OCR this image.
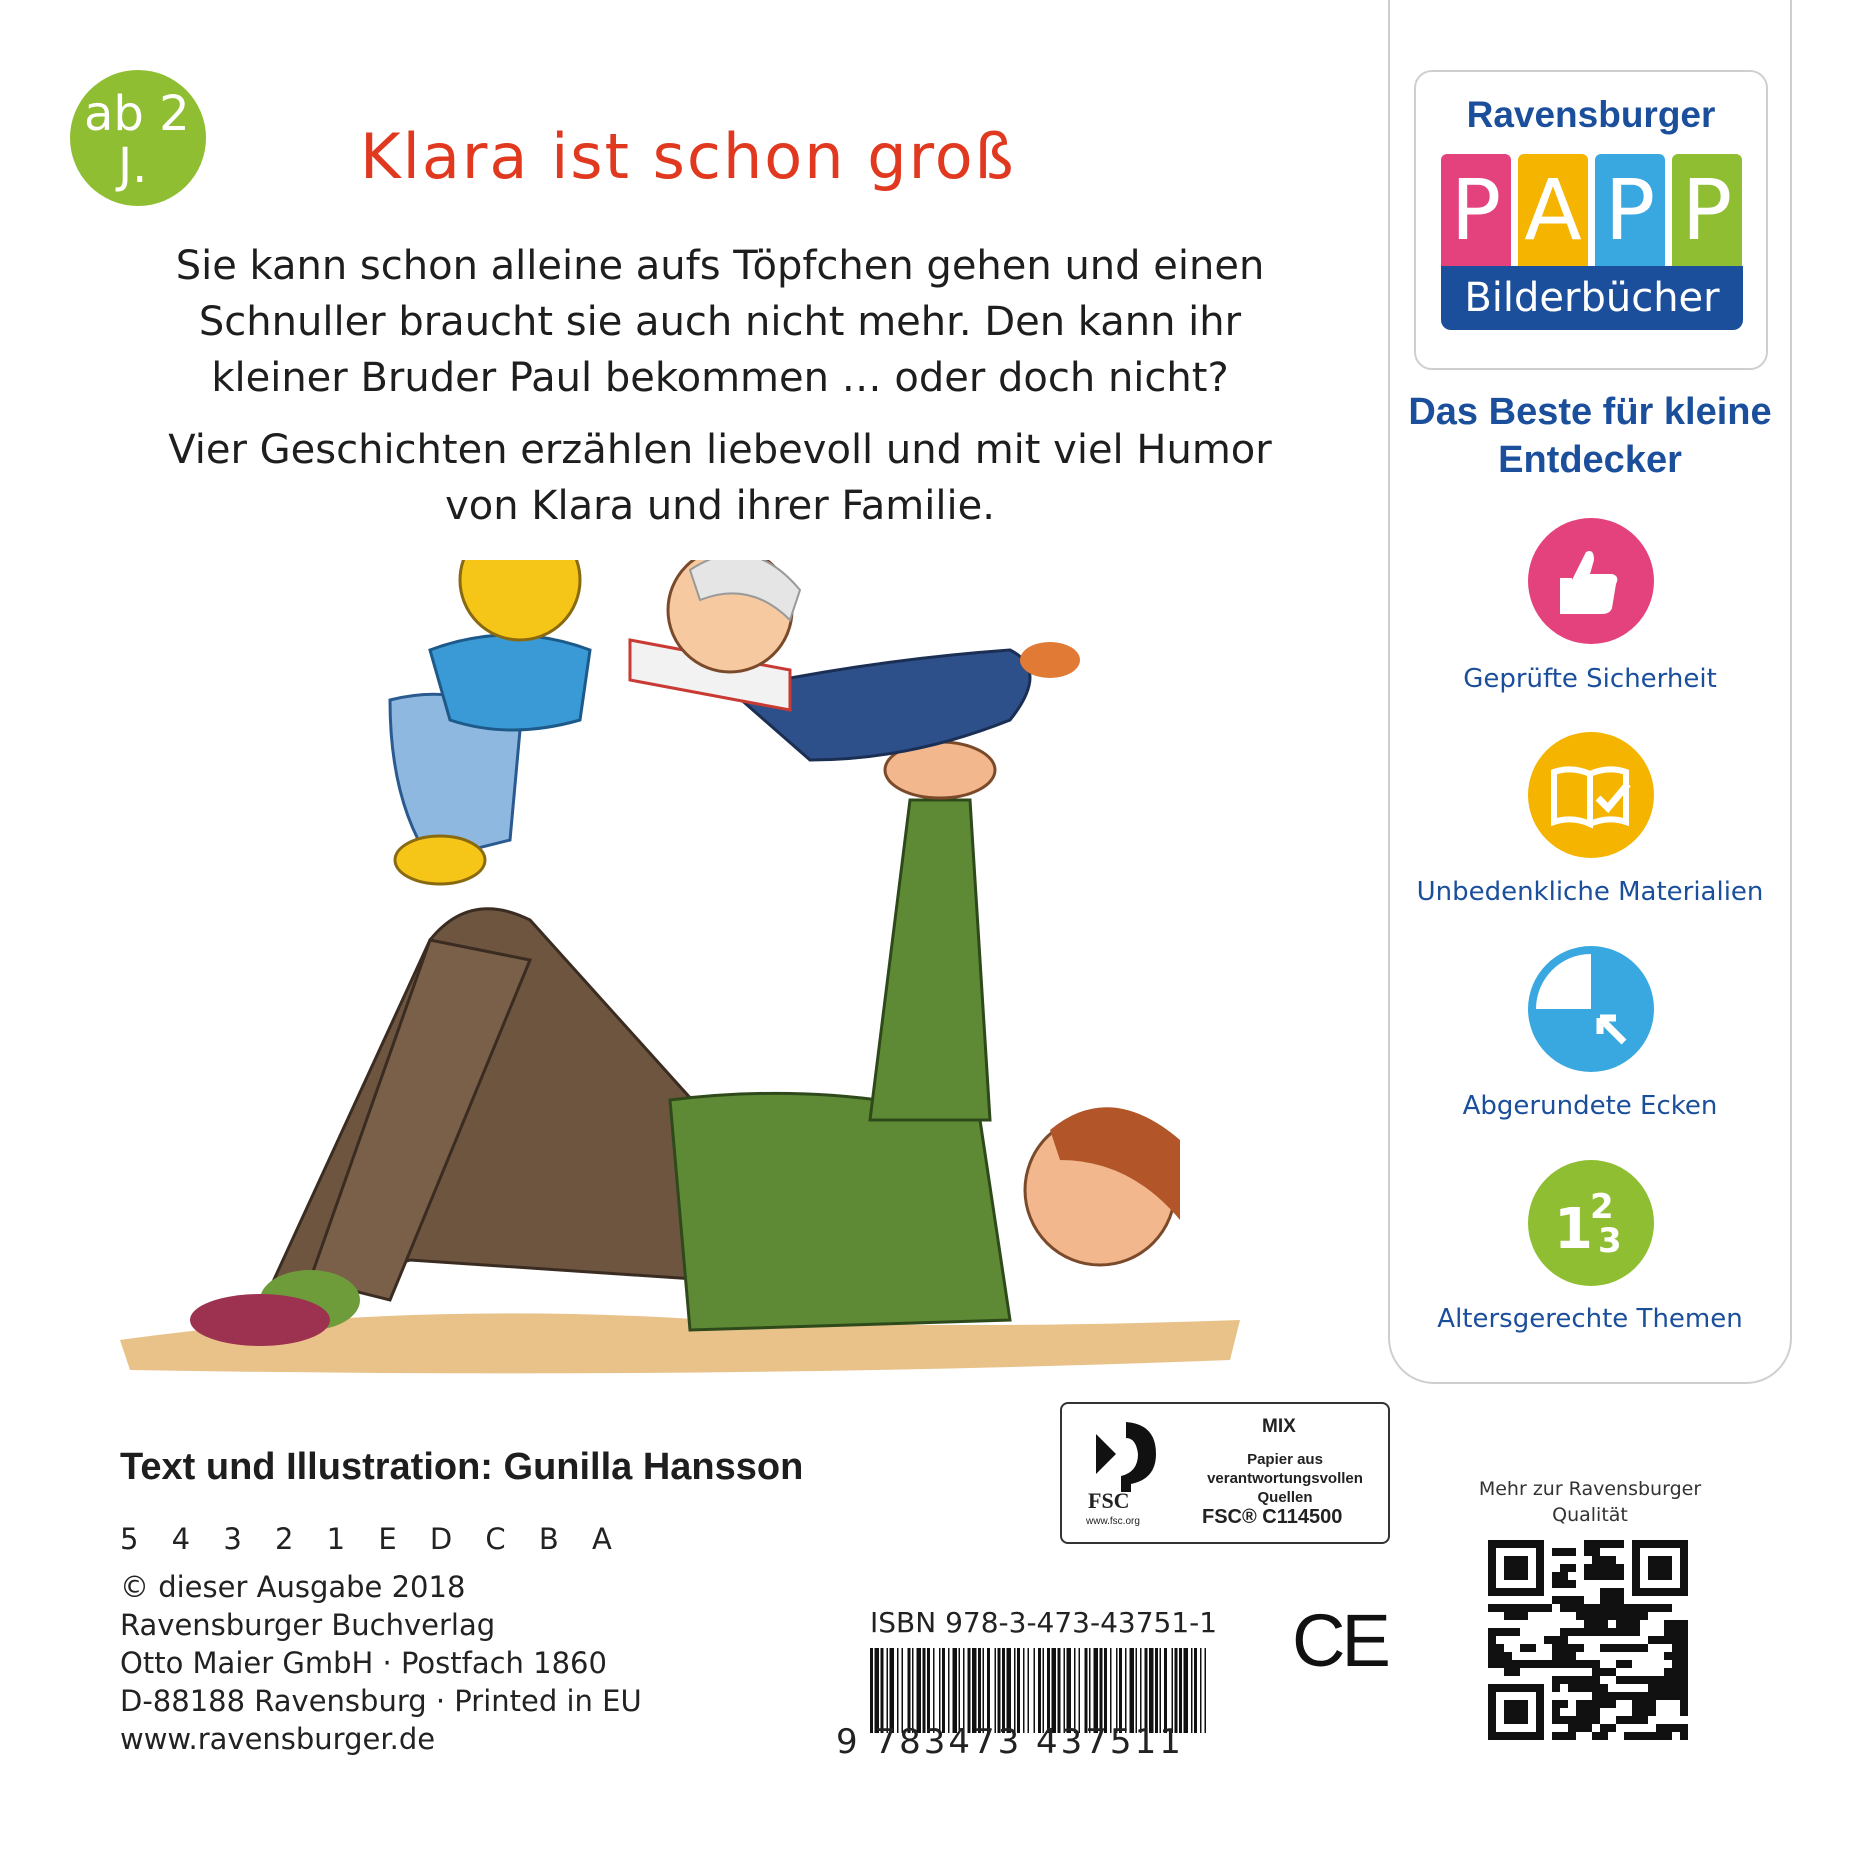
ab 2
J.	Klara ist schon groß
Sie kann schon alleine aufs Töpfchen gehen und einen Schnuller braucht sie auch nicht mehr. Den kann ihr kleiner Bruder Paul bekommen … oder doch nicht?
Vier Geschichten erzählen liebevoll und mit viel Humor von Klara und ihrer Familie.
Text und Illustration: Gunilla Hansson
5 4 3 2 1 E D C B A
© dieser Ausgabe 2018
Ravensburger Buchverlag
Otto Maier GmbH · Postfach 1860
D-88188 Ravensburg · Printed in EU
www.ravensburger.de
FSC
www.fsc.org
MIX
Papier aus verantwortungsvollen Quellen
FSC® C114500
ISBN 978-3-473-43751-1
9 783473 437511
CE
Mehr zur Ravensburger Qualität
Ravensburger
P A P P
Bilderbücher
Das Beste für kleine Entdecker
Geprüfte Sicherheit
Unbedenkliche Materialien
Abgerundete Ecken
1
2
3
Altersgerechte Themen
